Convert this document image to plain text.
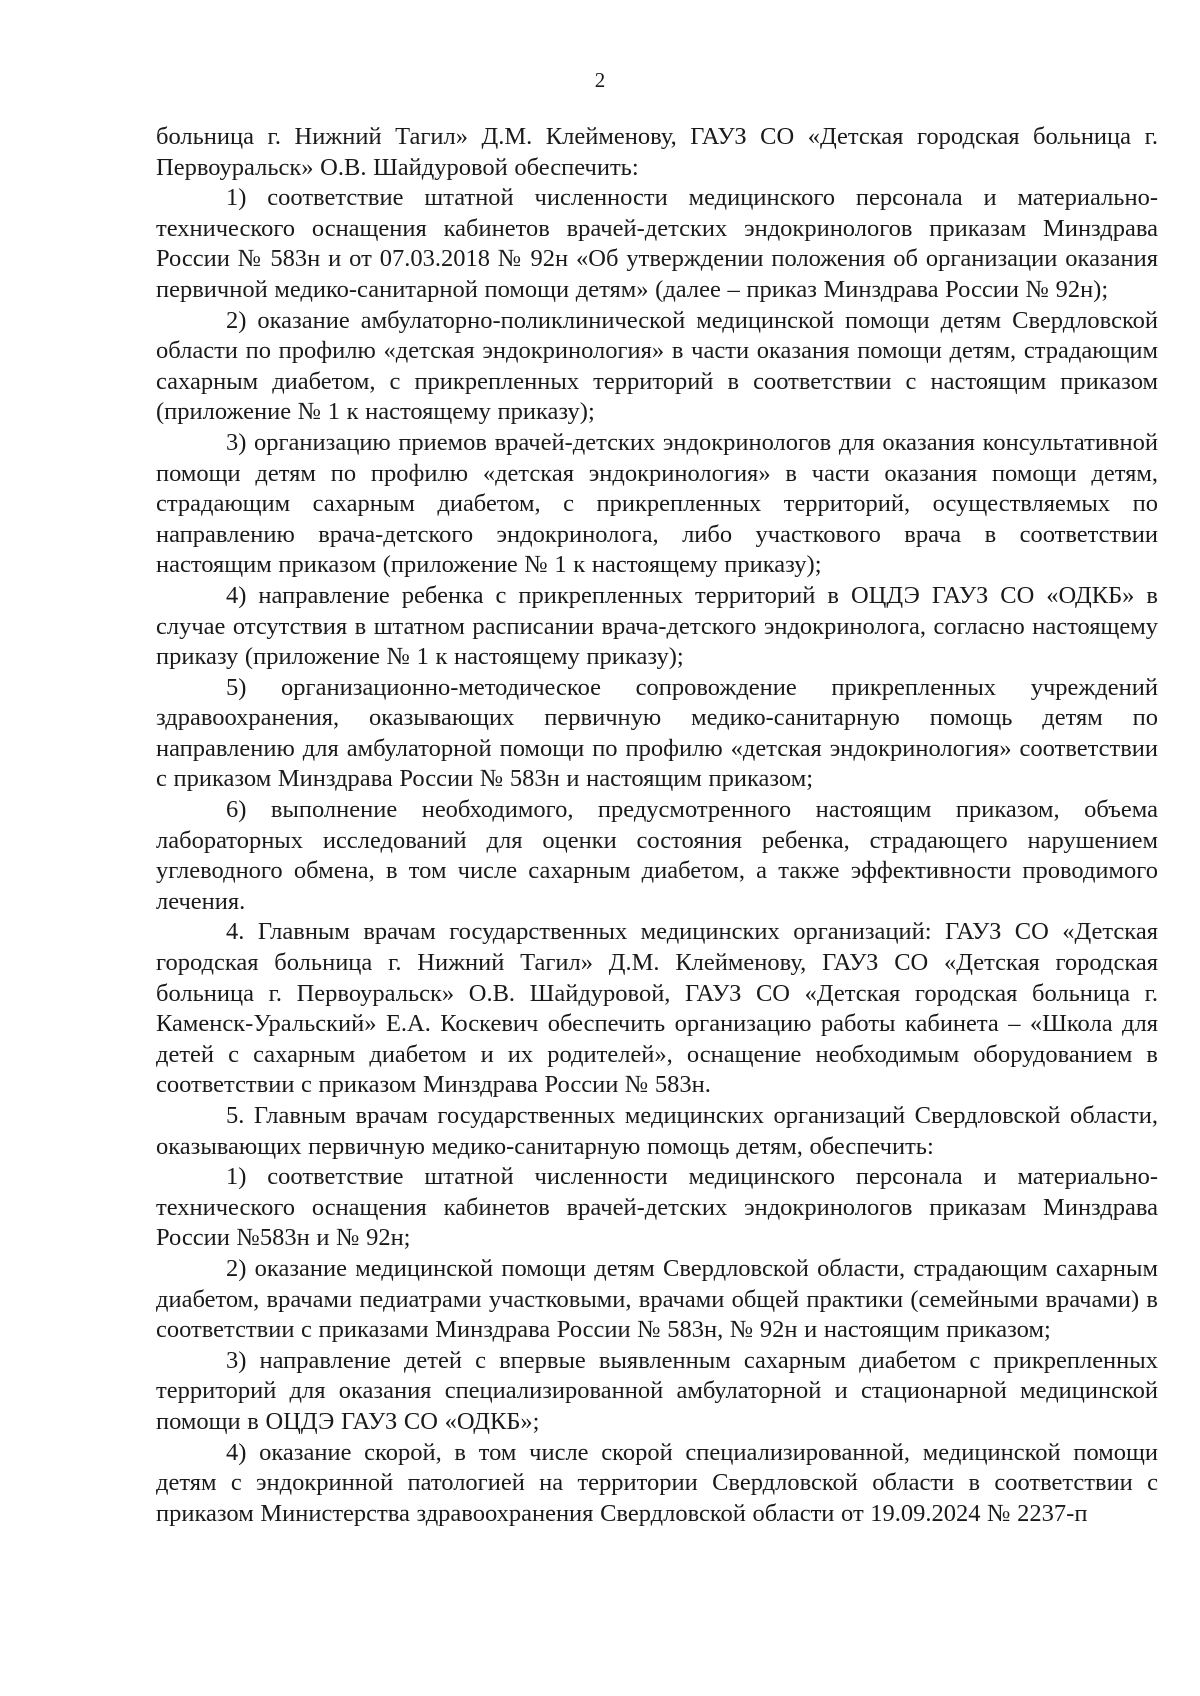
2

больница г. Нижний Тагил» Д.М. Клейменову, ГАУЗ СО «Детская городская больница г. Первоуральск» О.В. Шайдуровой обеспечить:

1) соответствие штатной численности медицинского персонала и материально-технического оснащения кабинетов врачей-детских эндокринологов приказам Минздрава России № 583н и от 07.03.2018 № 92н «Об утверждении положения об организации оказания первичной медико-санитарной помощи детям» (далее – приказ Минздрава России № 92н);

2) оказание амбулаторно-поликлинической медицинской помощи детям Свердловской области по профилю «детская эндокринология» в части оказания помощи детям, страдающим сахарным диабетом, с прикрепленных территорий в соответствии с настоящим приказом (приложение № 1 к настоящему приказу);

3) организацию приемов врачей-детских эндокринологов для оказания консультативной помощи детям по профилю «детская эндокринология» в части оказания помощи детям, страдающим сахарным диабетом, с прикрепленных территорий, осуществляемых по направлению врача-детского эндокринолога, либо участкового врача в соответствии настоящим приказом (приложение № 1 к настоящему приказу);

4) направление ребенка с прикрепленных территорий в ОЦДЭ ГАУЗ СО «ОДКБ» в случае отсутствия в штатном расписании врача-детского эндокринолога, согласно настоящему приказу (приложение № 1 к настоящему приказу);

5) организационно-методическое сопровождение прикрепленных учреждений здравоохранения, оказывающих первичную медико-санитарную помощь детям по направлению для амбулаторной помощи по профилю «детская эндокринология» соответствии с приказом Минздрава России № 583н и настоящим приказом;

6) выполнение необходимого, предусмотренного настоящим приказом, объема лабораторных исследований для оценки состояния ребенка, страдающего нарушением углеводного обмена, в том числе сахарным диабетом, а также эффективности проводимого лечения.

4. Главным врачам государственных медицинских организаций: ГАУЗ СО «Детская городская больница г. Нижний Тагил» Д.М. Клейменову, ГАУЗ СО «Детская городская больница г. Первоуральск» О.В. Шайдуровой, ГАУЗ СО «Детская городская больница г. Каменск-Уральский» Е.А. Коскевич обеспечить организацию работы кабинета – «Школа для детей с сахарным диабетом и их родителей», оснащение необходимым оборудованием в соответствии с приказом Минздрава России № 583н.

5. Главным врачам государственных медицинских организаций Свердловской области, оказывающих первичную медико-санитарную помощь детям, обеспечить:

1) соответствие штатной численности медицинского персонала и материально-технического оснащения кабинетов врачей-детских эндокринологов приказам Минздрава России №583н и № 92н;

2) оказание медицинской помощи детям Свердловской области, страдающим сахарным диабетом, врачами педиатрами участковыми, врачами общей практики (семейными врачами) в соответствии с приказами Минздрава России № 583н, № 92н и настоящим приказом;

3) направление детей с впервые выявленным сахарным диабетом с прикрепленных территорий для оказания специализированной амбулаторной и стационарной медицинской помощи в ОЦДЭ ГАУЗ СО «ОДКБ»;

4) оказание скорой, в том числе скорой специализированной, медицинской помощи детям с эндокринной патологией на территории Свердловской области в соответствии с приказом Министерства здравоохранения Свердловской области от 19.09.2024 № 2237-п
